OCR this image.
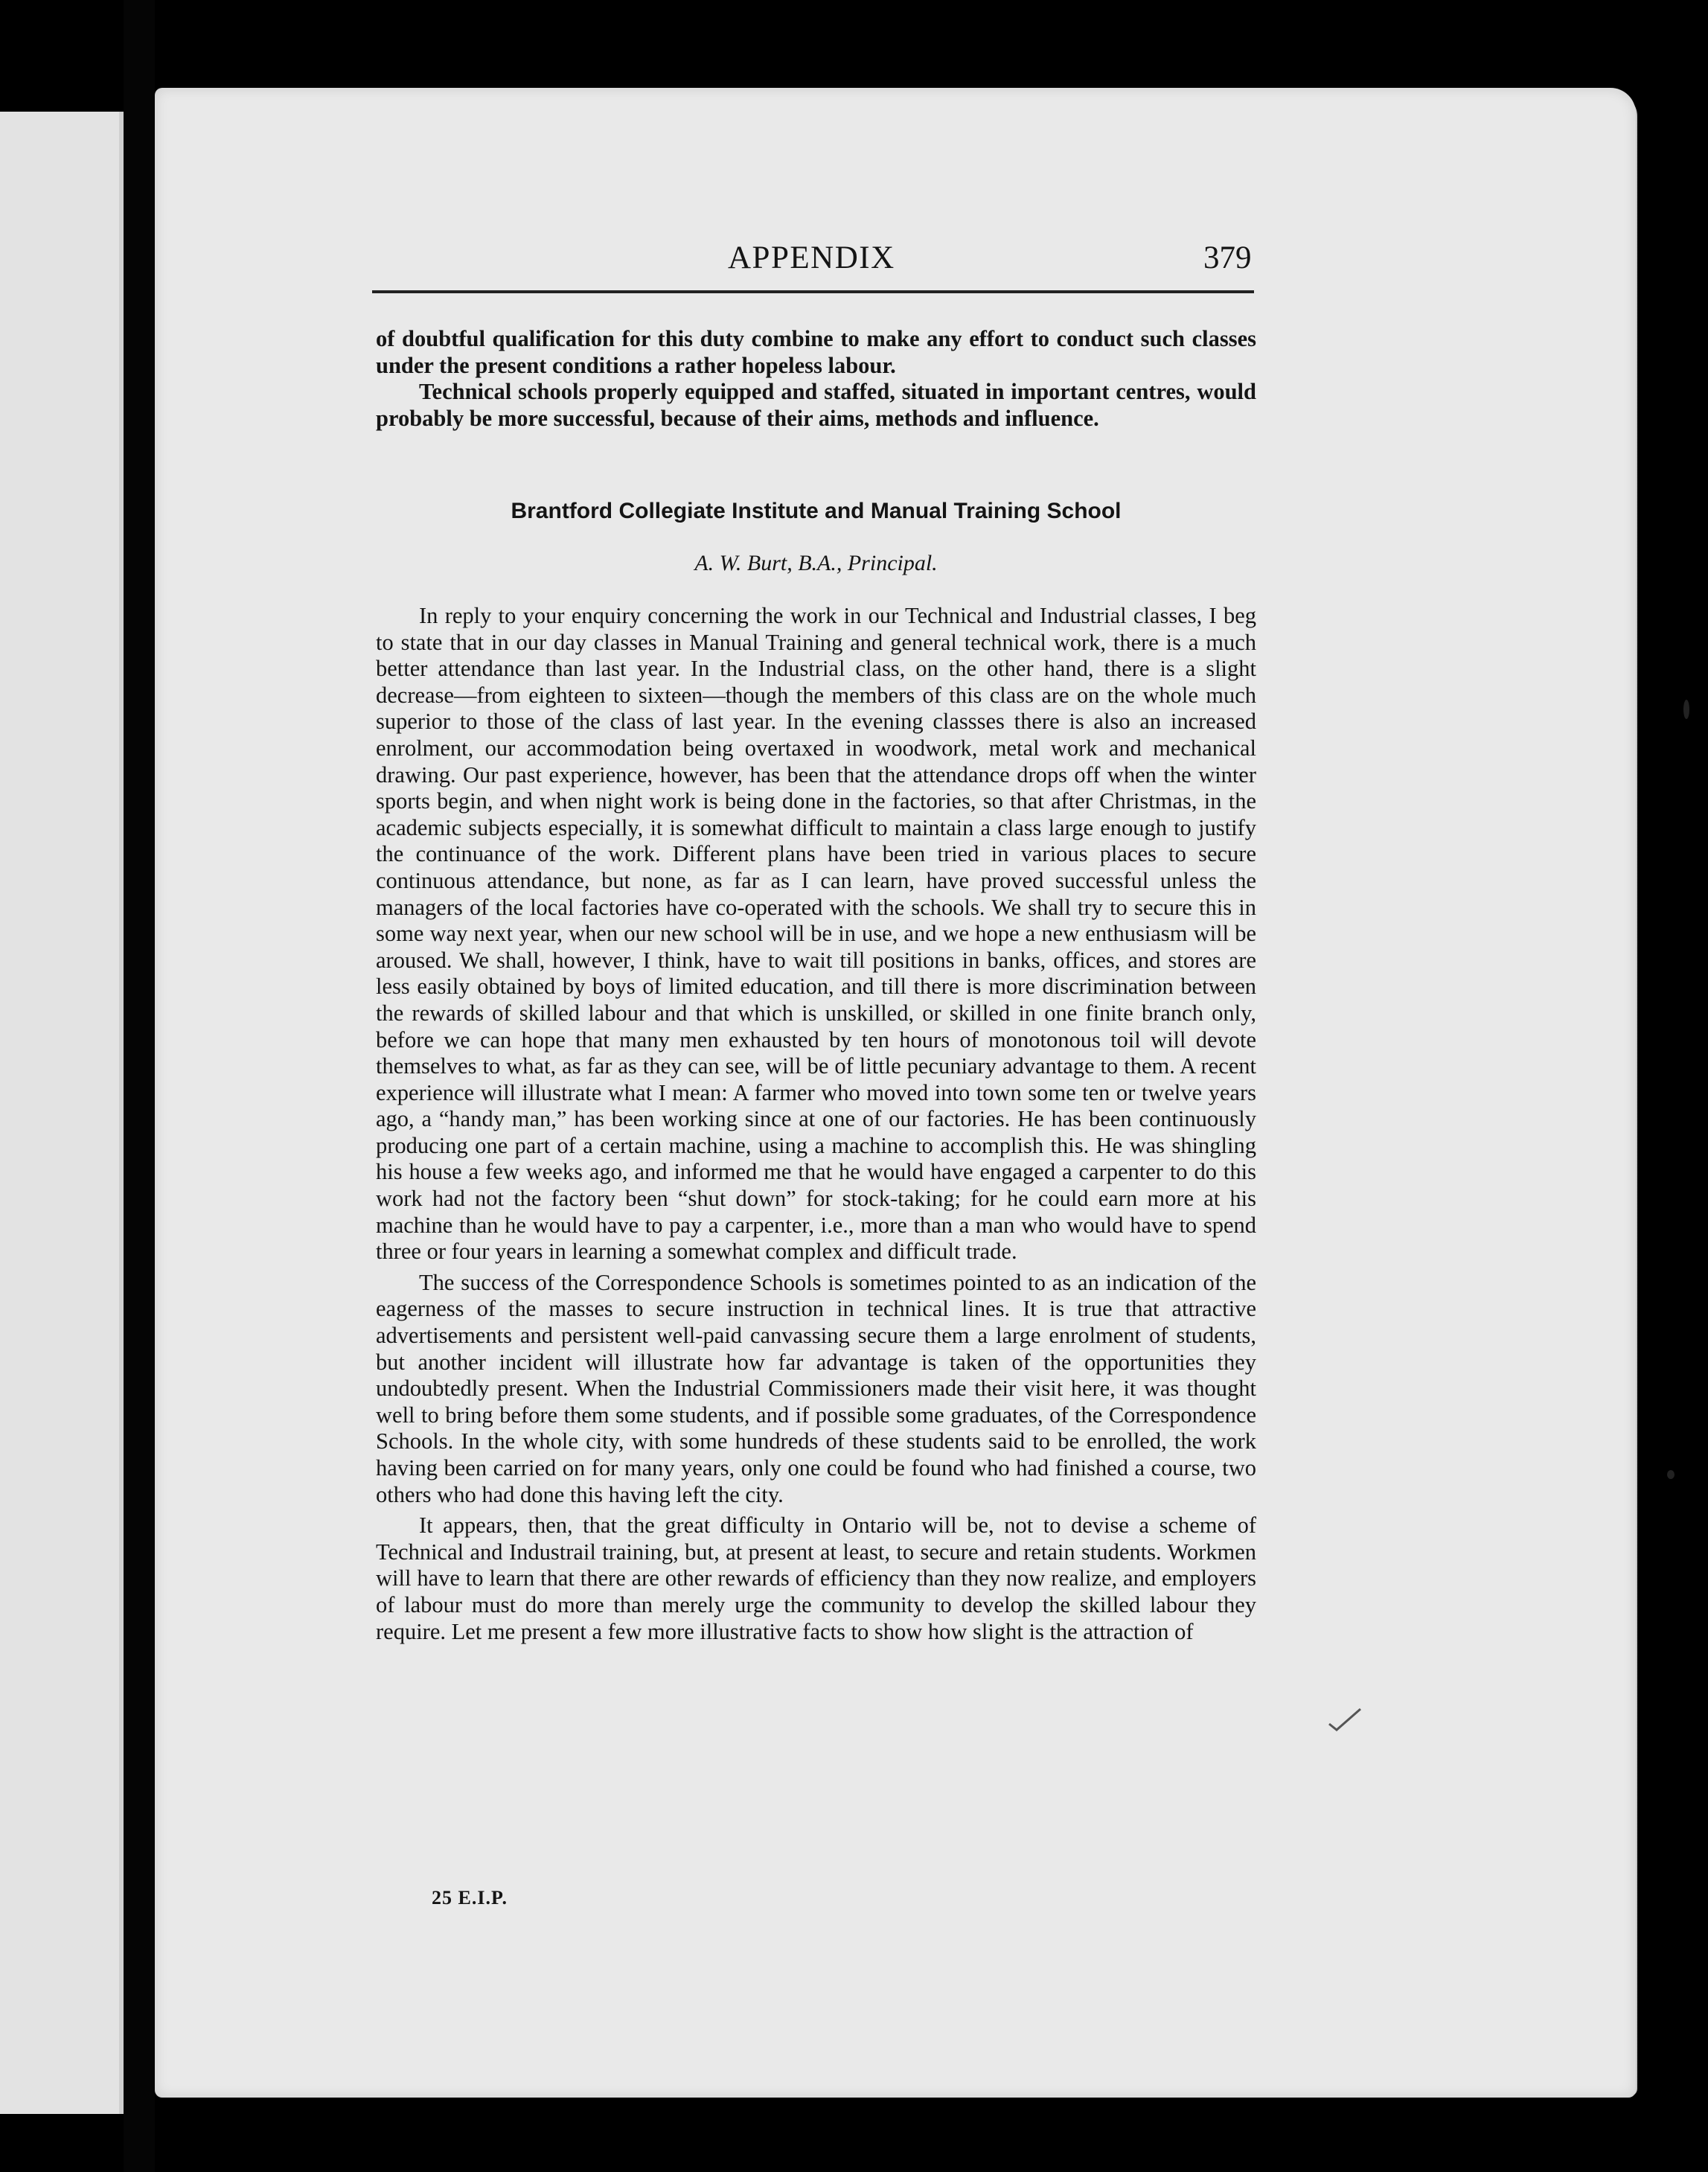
APPENDIX	379

of doubtful qualification for this duty combine to make any effort to conduct such classes under the present conditions a rather hopeless labour.

Technical schools properly equipped and staffed, situated in important centres, would probably be more successful, because of their aims, methods and influence.

Brantford Collegiate Institute and Manual Training School
A. W. Burt, B.A., Principal.

In reply to your enquiry concerning the work in our Technical and Industrial classes, I beg to state that in our day classes in Manual Training and general technical work, there is a much better attendance than last year. In the Industrial class, on the other hand, there is a slight decrease—from eighteen to sixteen—though the members of this class are on the whole much superior to those of the class of last year. In the evening classses there is also an increased enrolment, our accommodation being overtaxed in woodwork, metal work and mechanical drawing. Our past experience, however, has been that the attendance drops off when the winter sports begin, and when night work is being done in the factories, so that after Christmas, in the academic subjects especially, it is somewhat difficult to maintain a class large enough to justify the continuance of the work. Different plans have been tried in various places to secure continuous attendance, but none, as far as I can learn, have proved successful unless the managers of the local factories have co-operated with the schools. We shall try to secure this in some way next year, when our new school will be in use, and we hope a new enthusiasm will be aroused. We shall, however, I think, have to wait till positions in banks, offices, and stores are less easily obtained by boys of limited education, and till there is more discrimination between the rewards of skilled labour and that which is unskilled, or skilled in one finite branch only, before we can hope that many men exhausted by ten hours of monotonous toil will devote themselves to what, as far as they can see, will be of little pecuniary advantage to them. A recent experience will illustrate what I mean: A farmer who moved into town some ten or twelve years ago, a “handy man,” has been working since at one of our factories. He has been continuously producing one part of a certain machine, using a machine to accomplish this. He was shingling his house a few weeks ago, and informed me that he would have engaged a carpenter to do this work had not the factory been “shut down” for stock-taking; for he could earn more at his machine than he would have to pay a carpenter, i.e., more than a man who would have to spend three or four years in learning a somewhat complex and difficult trade.

The success of the Correspondence Schools is sometimes pointed to as an indication of the eagerness of the masses to secure instruction in technical lines. It is true that attractive advertisements and persistent well-paid canvassing secure them a large enrolment of students, but another incident will illustrate how far advantage is taken of the opportunities they undoubtedly present. When the Industrial Commissioners made their visit here, it was thought well to bring before them some students, and if possible some graduates, of the Correspondence Schools. In the whole city, with some hundreds of these students said to be enrolled, the work having been carried on for many years, only one could be found who had finished a course, two others who had done this having left the city.

It appears, then, that the great difficulty in Ontario will be, not to devise a scheme of Technical and Industrail training, but, at present at least, to secure and retain students. Workmen will have to learn that there are other rewards of efficiency than they now realize, and employers of labour must do more than merely urge the community to develop the skilled labour they require. Let me present a few more illustrative facts to show how slight is the attraction of

25 E.I.P.
